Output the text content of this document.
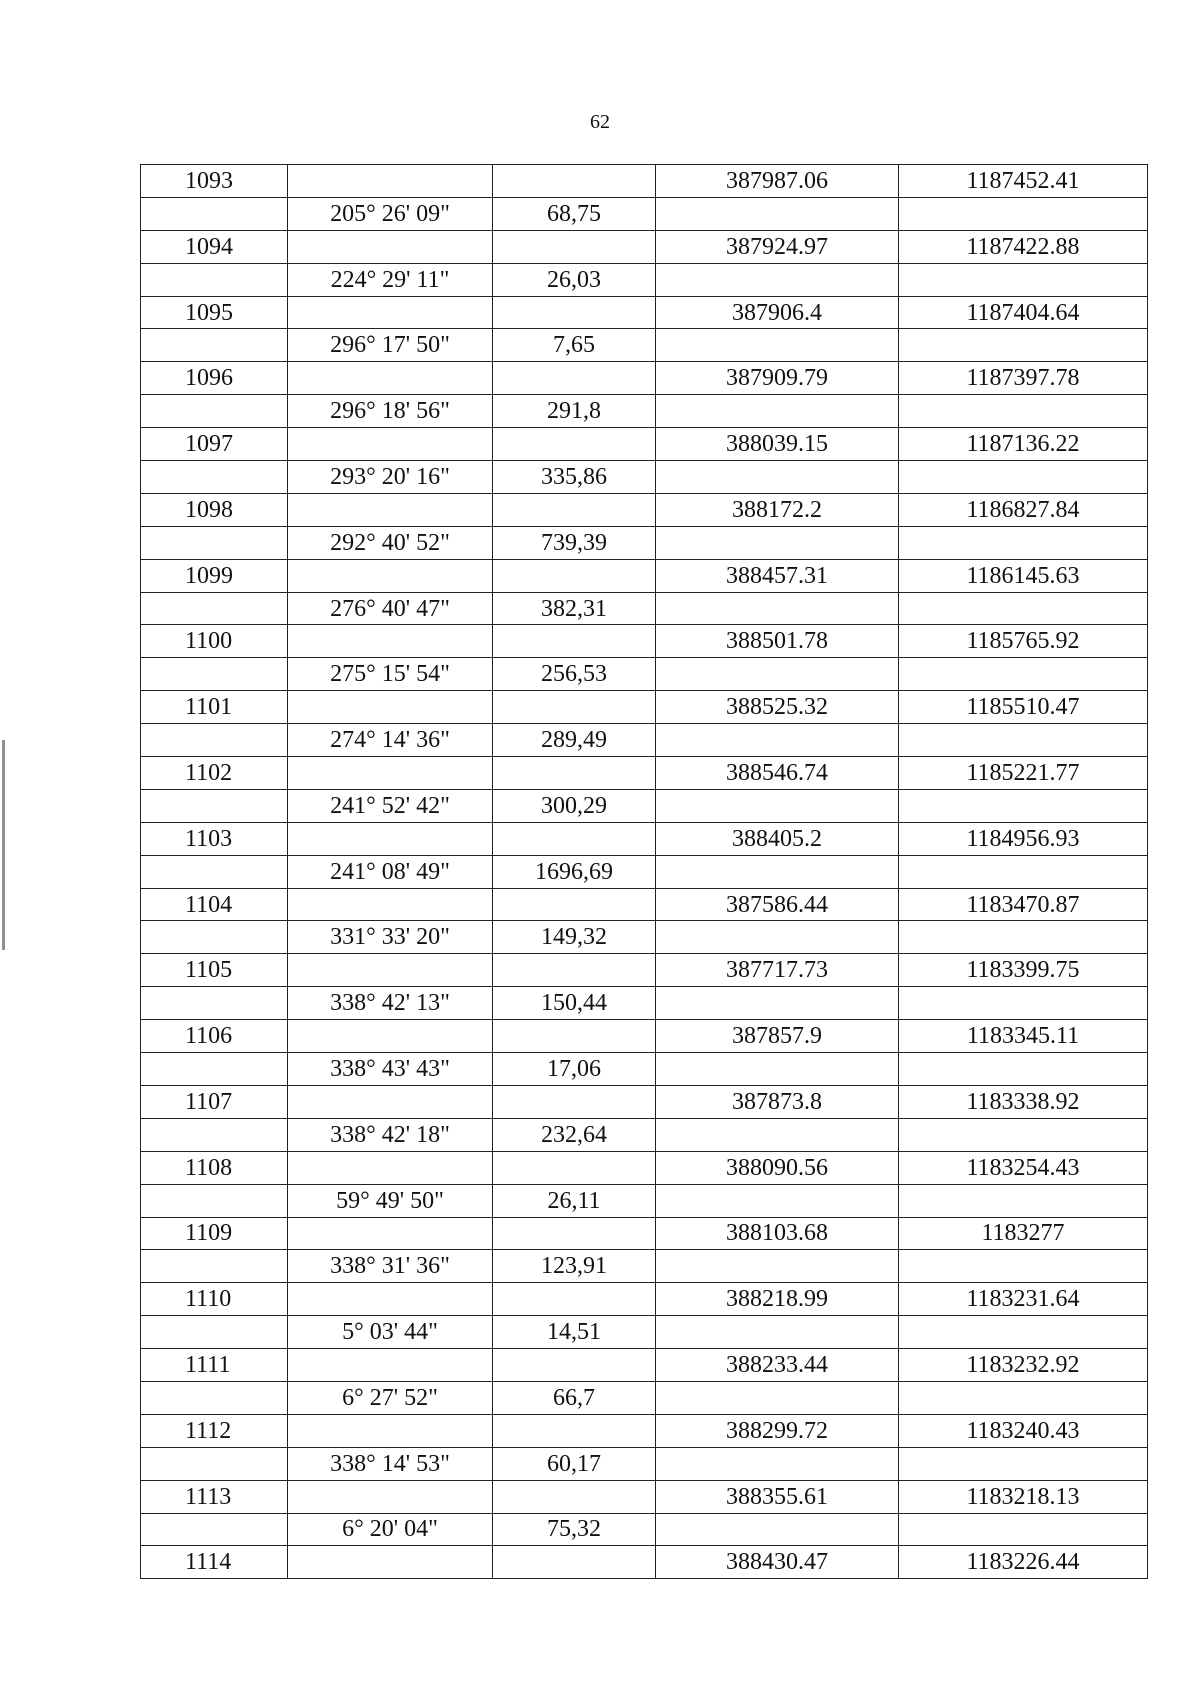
62
1093			387987.06	1187452.41
	205° 26' 09"	68,75		
1094			387924.97	1187422.88
	224° 29' 11"	26,03		
1095			387906.4	1187404.64
	296° 17' 50"	7,65		
1096			387909.79	1187397.78
	296° 18' 56"	291,8		
1097			388039.15	1187136.22
	293° 20' 16"	335,86		
1098			388172.2	1186827.84
	292° 40' 52"	739,39		
1099			388457.31	1186145.63
	276° 40' 47"	382,31		
1100			388501.78	1185765.92
	275° 15' 54"	256,53		
1101			388525.32	1185510.47
	274° 14' 36"	289,49		
1102			388546.74	1185221.77
	241° 52' 42"	300,29		
1103			388405.2	1184956.93
	241° 08' 49"	1696,69		
1104			387586.44	1183470.87
	331° 33' 20"	149,32		
1105			387717.73	1183399.75
	338° 42' 13"	150,44		
1106			387857.9	1183345.11
	338° 43' 43"	17,06		
1107			387873.8	1183338.92
	338° 42' 18"	232,64		
1108			388090.56	1183254.43
	59° 49' 50"	26,11		
1109			388103.68	1183277
	338° 31' 36"	123,91		
1110			388218.99	1183231.64
	5° 03' 44"	14,51		
1111			388233.44	1183232.92
	6° 27' 52"	66,7		
1112			388299.72	1183240.43
	338° 14' 53"	60,17		
1113			388355.61	1183218.13
	6° 20' 04"	75,32		
1114			388430.47	1183226.44
